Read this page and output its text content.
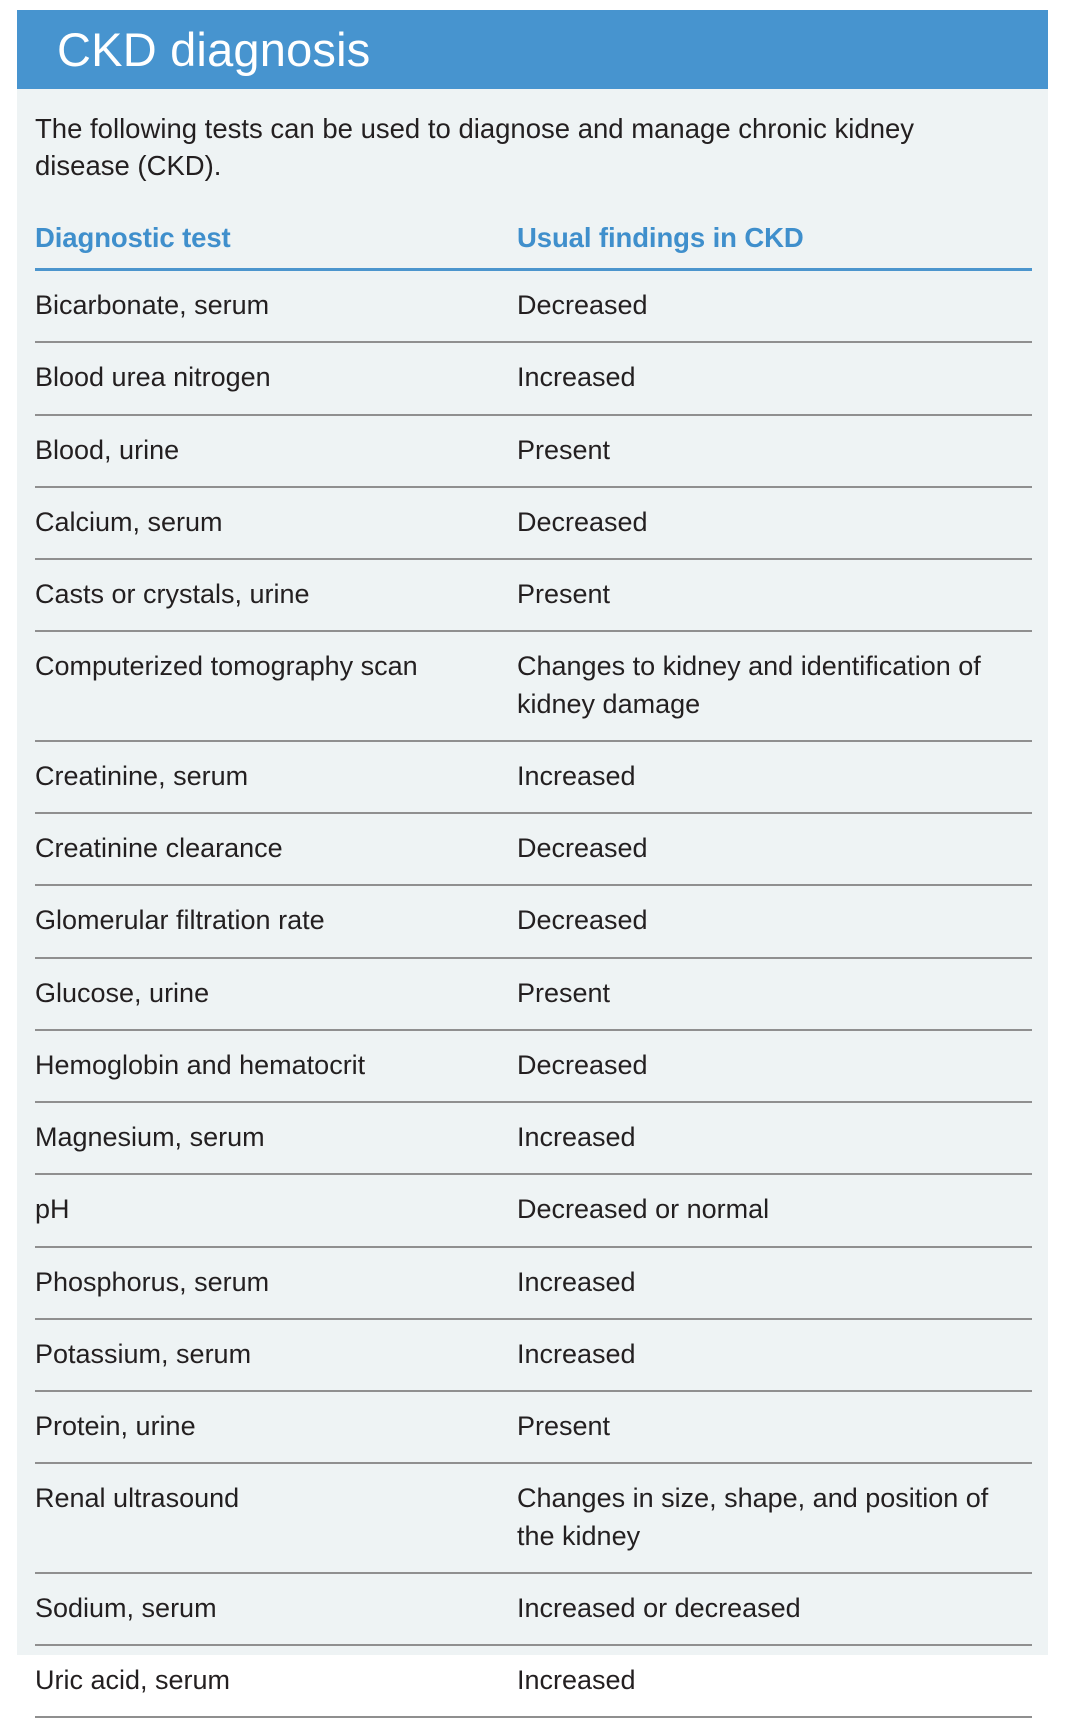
CKD diagnosis

The following tests can be used to diagnose and manage chronic kidney disease (CKD).

Diagnostic test	Usual findings in CKD
Bicarbonate, serum	Decreased
Blood urea nitrogen	Increased
Blood, urine	Present
Calcium, serum	Decreased
Casts or crystals, urine	Present
Computerized tomography scan	Changes to kidney and identification of kidney damage
Creatinine, serum	Increased
Creatinine clearance	Decreased
Glomerular filtration rate	Decreased
Glucose, urine	Present
Hemoglobin and hematocrit	Decreased
Magnesium, serum	Increased
pH	Decreased or normal
Phosphorus, serum	Increased
Potassium, serum	Increased
Protein, urine	Present
Renal ultrasound	Changes in size, shape, and position of the kidney
Sodium, serum	Increased or decreased
Uric acid, serum	Increased
